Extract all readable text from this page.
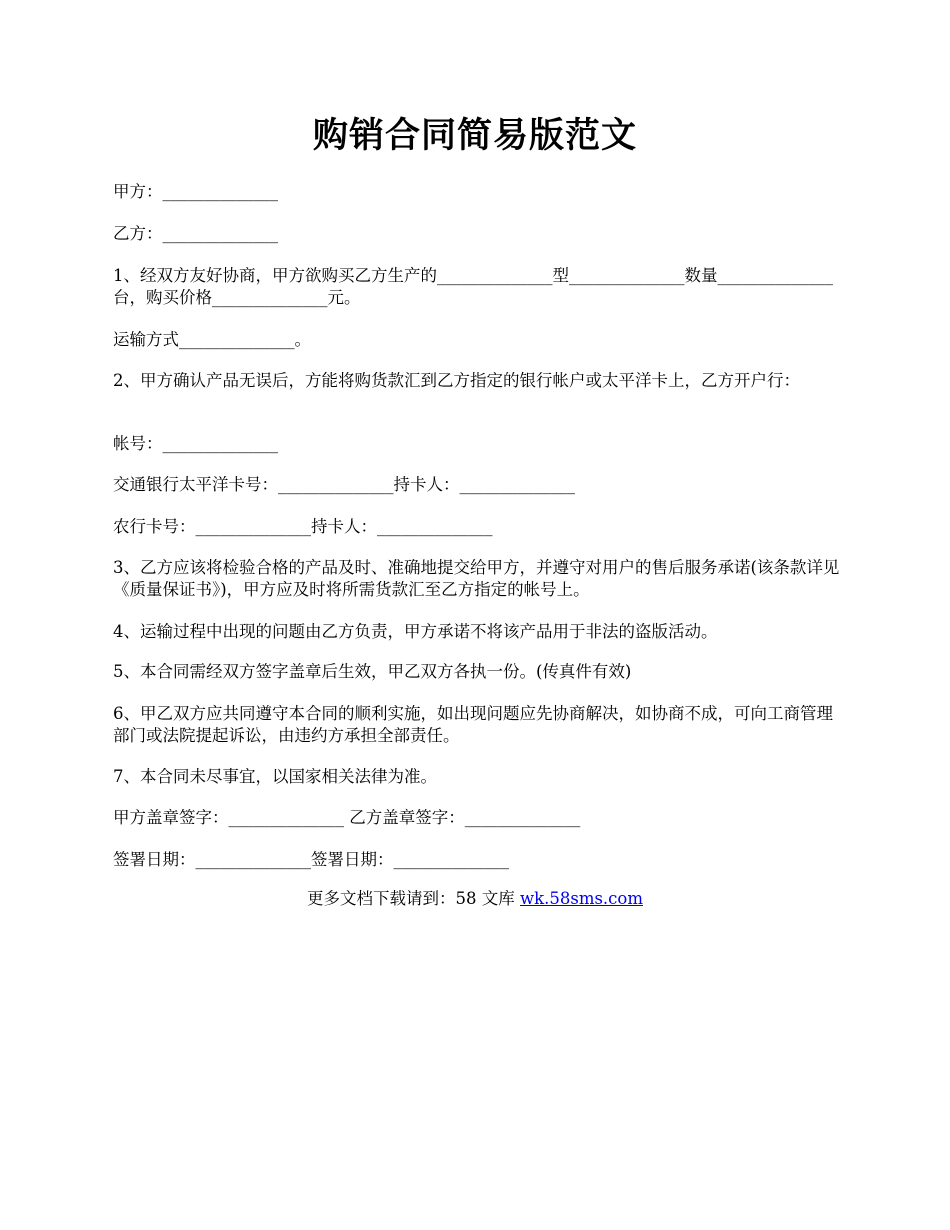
购销合同简易版范文
甲方：______________
乙方：______________
1、经双方友好协商，甲方欲购买乙方生产的______________型______________数量______________ 台，购买价格______________元。
运输方式______________。
2、甲方确认产品无误后，方能将购货款汇到乙方指定的银行帐户或太平洋卡上，乙方开户行：
帐号：______________
交通银行太平洋卡号：______________持卡人：______________
农行卡号：______________持卡人：______________
3、乙方应该将检验合格的产品及时、准确地提交给甲方，并遵守对用户的售后服务承诺(该条款详见《质量保证书》)，甲方应及时将所需货款汇至乙方指定的帐号上。
4、运输过程中出现的问题由乙方负责，甲方承诺不将该产品用于非法的盗版活动。
5、本合同需经双方签字盖章后生效，甲乙双方各执一份。(传真件有效)
6、甲乙双方应共同遵守本合同的顺利实施，如出现问题应先协商解决，如协商不成，可向工商管理部门或法院提起诉讼，由违约方承担全部责任。
7、本合同未尽事宜，以国家相关法律为准。
甲方盖章签字：______________ 乙方盖章签字：______________
签署日期：______________签署日期：______________
更多文档下载请到：58 文库 wk.58sms.com
